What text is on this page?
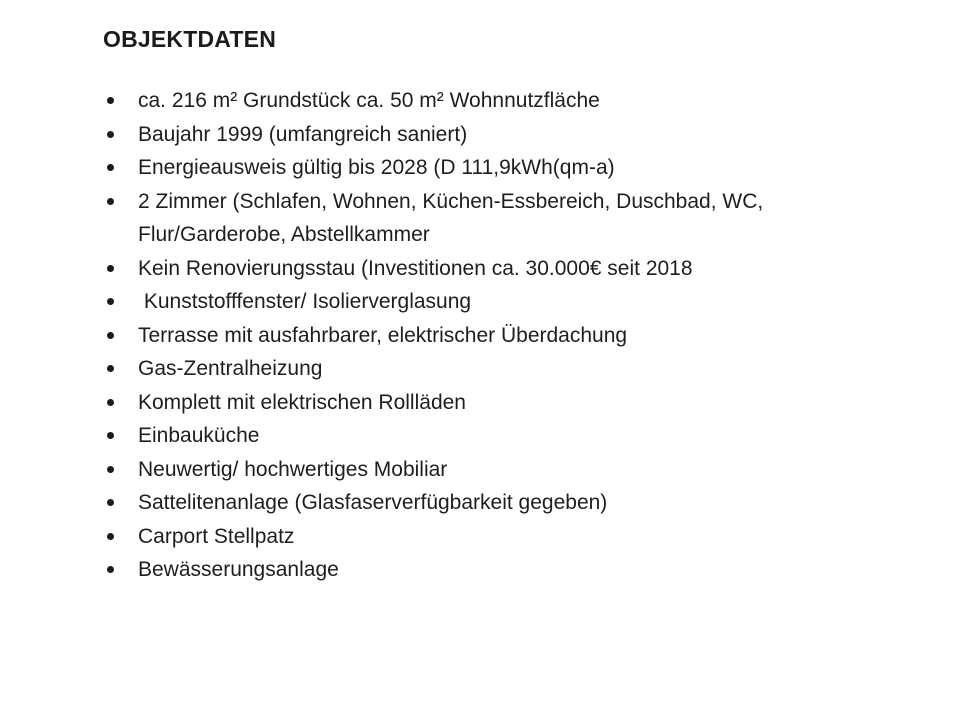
OBJEKTDATEN
ca. 216 m² Grundstück ca. 50 m² Wohnnutzfläche
Baujahr 1999 (umfangreich saniert)
Energieausweis gültig bis 2028 (D 111,9kWh(qm-a)
2 Zimmer (Schlafen, Wohnen, Küchen-Essbereich, Duschbad, WC, Flur/Garderobe, Abstellkammer
Kein Renovierungsstau (Investitionen ca. 30.000€ seit 2018
Kunststofffenster/ Isolierverglasung
Terrasse mit ausfahrbarer, elektrischer Überdachung
Gas-Zentralheizung
Komplett mit elektrischen Rollläden
Einbauküche
Neuwertig/ hochwertiges Mobiliar
Sattelitenanlage (Glasfaserverfügbarkeit gegeben)
Carport Stellpatz
Bewässerungsanlage
